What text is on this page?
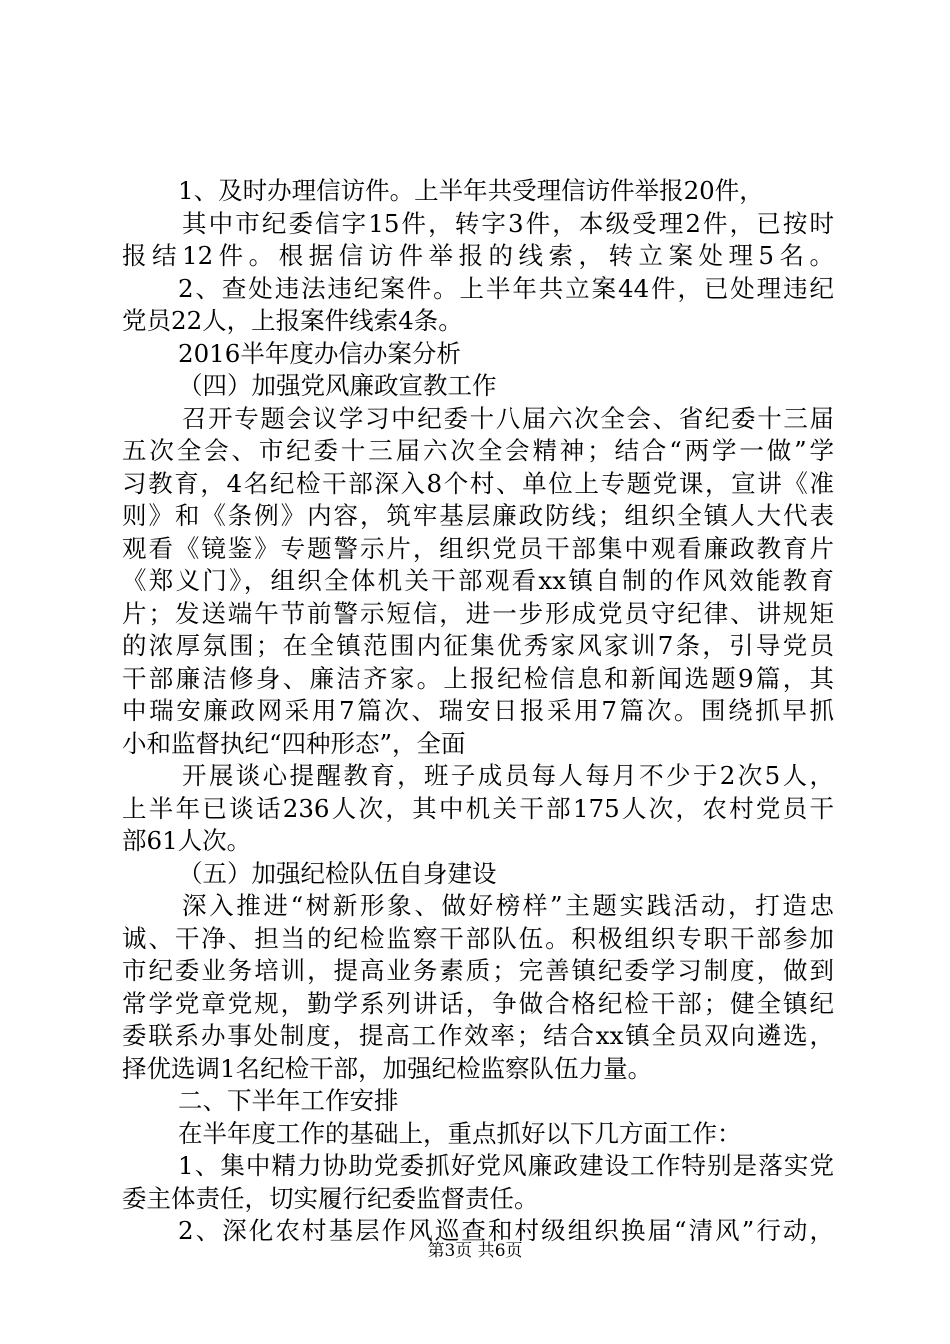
1、及时办理信访件。上半年共受理信访件举报20件，
其中市纪委信字15件，转字3件，本级受理2件，已按时
报结12件。根据信访件举报的线索，转立案处理5名。
2、查处违法违纪案件。上半年共立案44件，已处理违纪
党员22人，上报案件线索4条。
2016半年度办信办案分析
（四）加强党风廉政宣教工作
召开专题会议学习中纪委十八届六次全会、省纪委十三届
五次全会、市纪委十三届六次全会精神；结合“两学一做”学
习教育，4名纪检干部深入8个村、单位上专题党课，宣讲《准
则》和《条例》内容，筑牢基层廉政防线；组织全镇人大代表
观看《镜鉴》专题警示片，组织党员干部集中观看廉政教育片
《郑义门》，组织全体机关干部观看xx镇自制的作风效能教育
片；发送端午节前警示短信，进一步形成党员守纪律、讲规矩
的浓厚氛围；在全镇范围内征集优秀家风家训7条，引导党员
干部廉洁修身、廉洁齐家。上报纪检信息和新闻选题9篇，其
中瑞安廉政网采用7篇次、瑞安日报采用7篇次。围绕抓早抓
小和监督执纪“四种形态”，全面
开展谈心提醒教育，班子成员每人每月不少于2次5人，
上半年已谈话236人次，其中机关干部175人次，农村党员干
部61人次。
（五）加强纪检队伍自身建设
深入推进“树新形象、做好榜样”主题实践活动，打造忠
诚、干净、担当的纪检监察干部队伍。积极组织专职干部参加
市纪委业务培训，提高业务素质；完善镇纪委学习制度，做到
常学党章党规，勤学系列讲话，争做合格纪检干部；健全镇纪
委联系办事处制度，提高工作效率；结合xx镇全员双向遴选，
择优选调1名纪检干部，加强纪检监察队伍力量。
二、下半年工作安排
在半年度工作的基础上，重点抓好以下几方面工作：
1、集中精力协助党委抓好党风廉政建设工作特别是落实党
委主体责任，切实履行纪委监督责任。
2、深化农村基层作风巡查和村级组织换届“清风”行动，
第3页 共6页
